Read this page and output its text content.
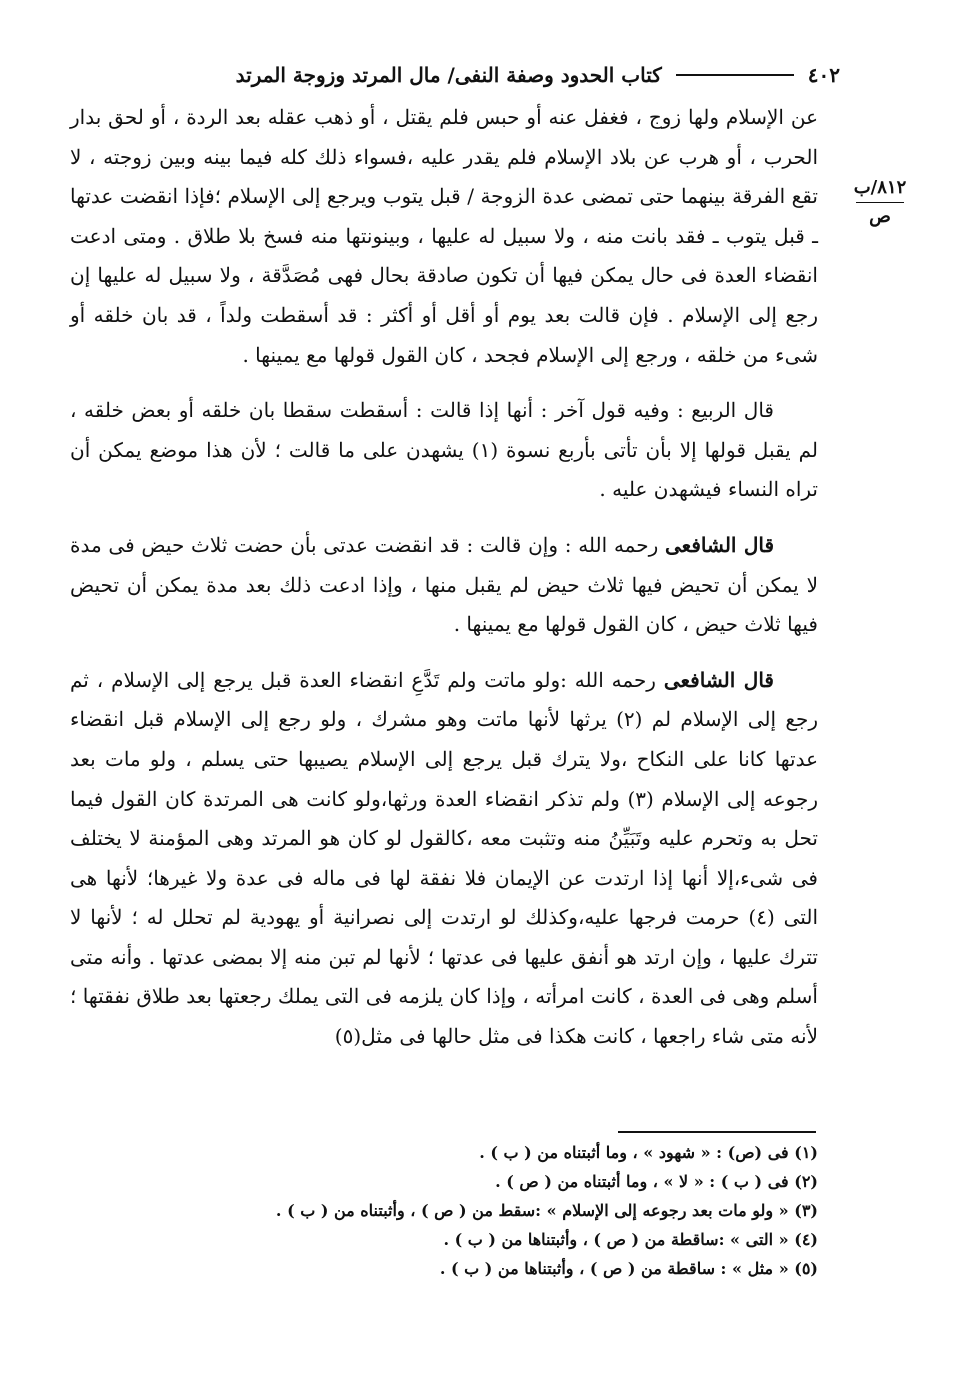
٤٠٢
كتاب الحدود وصفة النفى/ مال المرتد وزوجة المرتد
٨١٢/ب
ص

عن الإسلام ولها زوج ، فغفل عنه أو حبس فلم يقتل ، أو ذهب عقله بعد الردة ، أو لحق بدار الحرب ، أو هرب عن بلاد الإسلام فلم يقدر عليه ،فسواء ذلك كله فيما بينه وبين زوجته ، لا تقع الفرقة بينهما حتى تمضى عدة الزوجة / قبل يتوب ويرجع إلى الإسلام ؛فإذا انقضت عدتها ـ قبل يتوب ـ فقد بانت منه ، ولا سبيل له عليها ، وبينونتها منه فسخ بلا طلاق . ومتى ادعت انقضاء العدة فى حال يمكن فيها أن تكون صادقة بحال فهى مُصَدَّقة ، ولا سبيل له عليها إن رجع إلى الإسلام . فإن قالت بعد يوم أو أقل أو أكثر : قد أسقطت ولداً ، قد بان خلقه أو شىء من خلقه ، ورجع إلى الإسلام فجحد ، كان القول قولها مع يمينها .

قال الربيع : وفيه قول آخر : أنها إذا قالت : أسقطت سقطا بان خلقه أو بعض خلقه ، لم يقبل قولها إلا بأن تأتى بأربع نسوة (١) يشهدن على ما قالت ؛ لأن هذا موضع يمكن أن تراه النساء فيشهدن عليه .

قال الشافعى رحمه الله : وإن قالت : قد انقضت عدتى بأن حضت ثلاث حيض فى مدة لا يمكن أن تحيض فيها ثلاث حيض لم يقبل منها ، وإذا ادعت ذلك بعد مدة يمكن أن تحيض فيها ثلاث حيض ، كان القول قولها مع يمينها .

قال الشافعى رحمه الله :ولو ماتت ولم تَدَّعِ انقضاء العدة قبل يرجع إلى الإسلام ، ثم رجع إلى الإسلام لم (٢) يرثها لأنها ماتت وهو مشرك ، ولو رجع إلى الإسلام قبل انقضاء عدتها كانا على النكاح ،ولا يترك قبل يرجع إلى الإسلام يصيبها حتى يسلم ، ولو مات بعد رجوعه إلى الإسلام (٣) ولم تذكر انقضاء العدة ورثها،ولو كانت هى المرتدة كان القول فيما تحل به وتحرم عليه وتَبَيِّنُ منه وتثبت معه ،كالقول لو كان هو المرتد وهى المؤمنة لا يختلف فى شىء،إلا أنها إذا ارتدت عن الإيمان فلا نفقة لها فى ماله فى عدة ولا غيرها؛ لأنها هى التى (٤) حرمت فرجها عليه،وكذلك لو ارتدت إلى نصرانية أو يهودية لم تحلل له ؛ لأنها لا تترك عليها ، وإن ارتد هو أنفق عليها فى عدتها ؛ لأنها لم تبن منه إلا بمضى عدتها . وأنه متى أسلم وهى فى العدة ، كانت امرأته ، وإذا كان يلزمه فى التى يملك رجعتها بعد طلاق نفقتها ؛ لأنه متى شاء راجعها ، كانت هكذا فى مثل حالها فى مثل(٥)

(١) فى (ص) : « شهود » ، وما أثبتناه من ( ب ) .

(٢) فى ( ب ) : « لا » ، وما أثبتناه من ( ص ) .

(٣) « ولو مات بعد رجوعه إلى الإسلام » :سقط من ( ص ) ، وأثبتناه من ( ب ) .

(٤) « التى » :ساقطة من ( ص ) ، وأثبتناها من ( ب ) .

(٥) « مثل » : ساقطة من ( ص ) ، وأثبتناها من ( ب ) .
